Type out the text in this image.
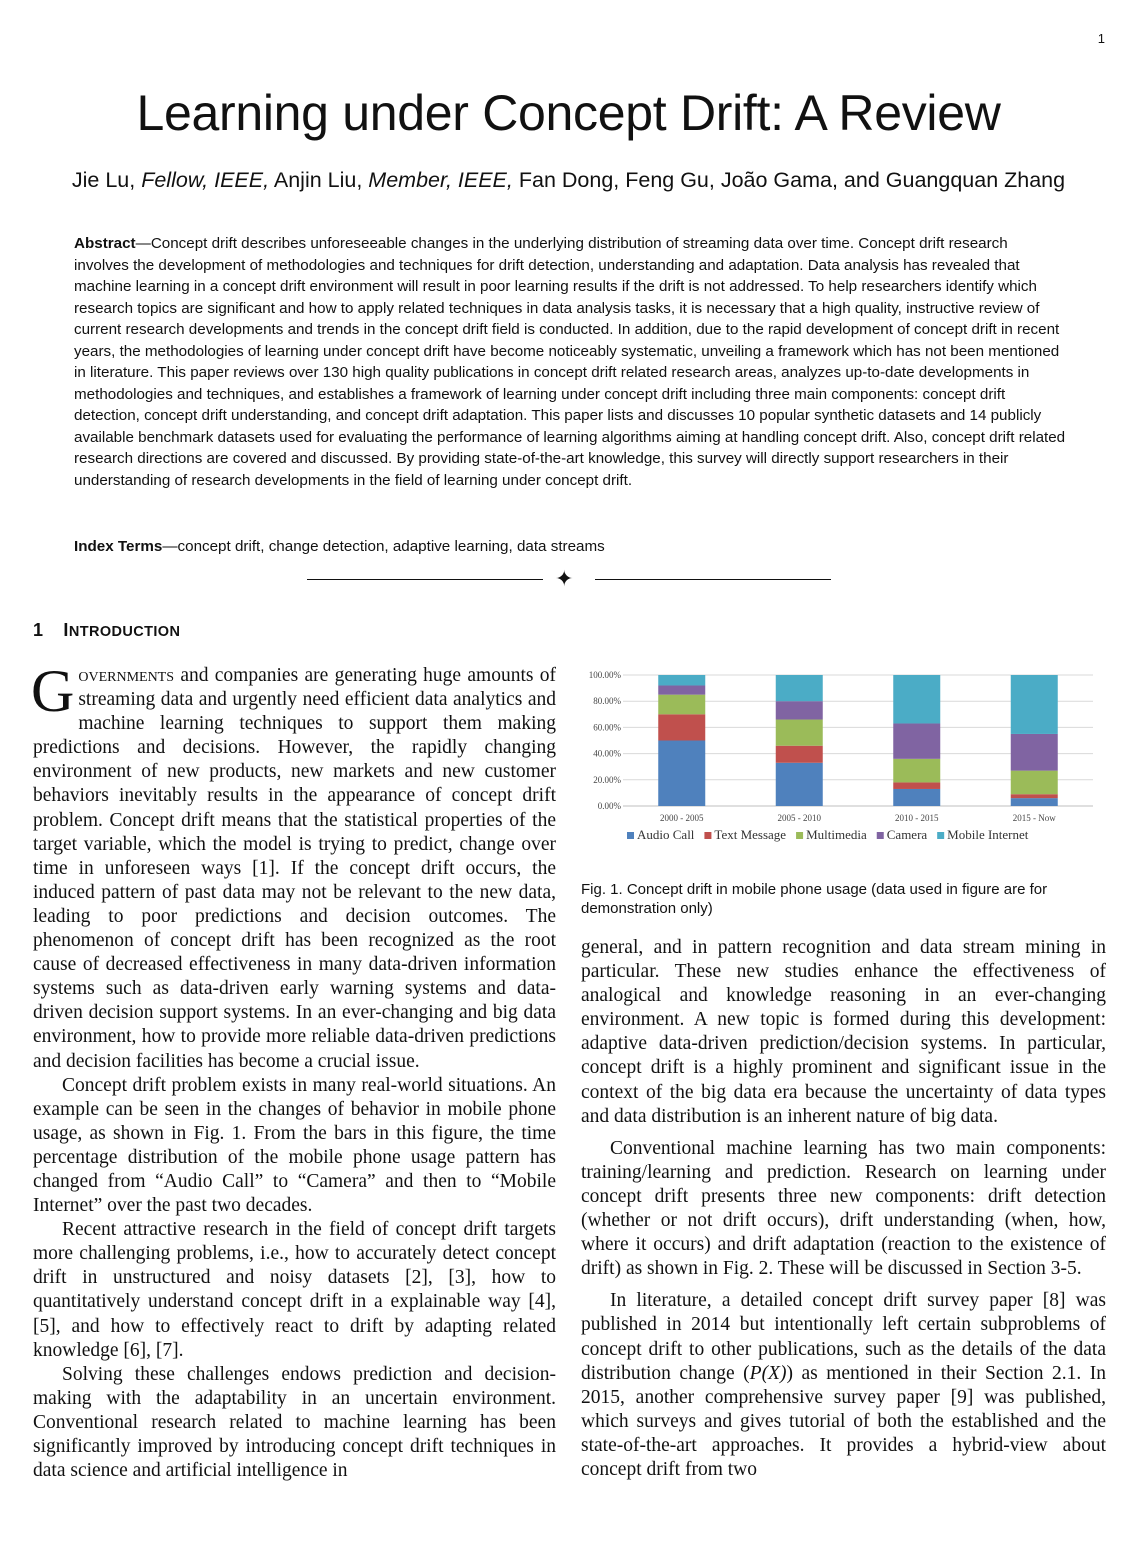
1
Learning under Concept Drift: A Review
Jie Lu, Fellow, IEEE, Anjin Liu, Member, IEEE, Fan Dong, Feng Gu, João Gama, and Guangquan Zhang

Abstract—Concept drift describes unforeseeable changes in the underlying distribution of streaming data over time. Concept drift research involves the development of methodologies and techniques for drift detection, understanding and adaptation. Data analysis has revealed that machine learning in a concept drift environment will result in poor learning results if the drift is not addressed. To help researchers identify which research topics are significant and how to apply related techniques in data analysis tasks, it is necessary that a high quality, instructive review of current research developments and trends in the concept drift field is conducted. In addition, due to the rapid development of concept drift in recent years, the methodologies of learning under concept drift have become noticeably systematic, unveiling a framework which has not been mentioned in literature. This paper reviews over 130 high quality publications in concept drift related research areas, analyzes up-to-date developments in methodologies and techniques, and establishes a framework of learning under concept drift including three main components: concept drift detection, concept drift understanding, and concept drift adaptation. This paper lists and discusses 10 popular synthetic datasets and 14 publicly available benchmark datasets used for evaluating the performance of learning algorithms aiming at handling concept drift. Also, concept drift related research directions are covered and discussed. By providing state-of-the-art knowledge, this survey will directly support researchers in their understanding of research developments in the field of learning under concept drift.

Index Terms—concept drift, change detection, adaptive learning, data streams

✦
1 INTRODUCTION

Governments and companies are generating huge amounts of streaming data and urgently need efficient data analytics and machine learning techniques to support them making predictions and decisions. However, the rapidly changing environment of new products, new markets and new customer behaviors inevitably results in the appearance of concept drift problem. Concept drift means that the statistical properties of the target variable, which the model is trying to predict, change over time in unforeseen ways [1]. If the concept drift occurs, the induced pattern of past data may not be relevant to the new data, leading to poor predictions and decision outcomes. The phenomenon of concept drift has been recognized as the root cause of decreased effectiveness in many data-driven information systems such as data-driven early warning systems and data-driven decision support systems. In an ever-changing and big data environment, how to provide more reliable data-driven predictions and decision facilities has become a crucial issue.

Concept drift problem exists in many real-world situations. An example can be seen in the changes of behavior in mobile phone usage, as shown in Fig. 1. From the bars in this figure, the time percentage distribution of the mobile phone usage pattern has changed from “Audio Call” to “Camera” and then to “Mobile Internet” over the past two decades.

Recent attractive research in the field of concept drift targets more challenging problems, i.e., how to accurately detect concept drift in unstructured and noisy datasets [2], [3], how to quantitatively understand concept drift in a explainable way [4], [5], and how to effectively react to drift by adapting related knowledge [6], [7].

Solving these challenges endows prediction and decision-making with the adaptability in an uncertain environment. Conventional research related to machine learning has been significantly improved by introducing concept drift techniques in data science and artificial intelligence in

0.00%
20.00%
40.00%
60.00%
80.00%
100.00%
2000 - 2005	2005 - 2010	2010 - 2015	2015 - Now
Audio Call Text Message Multimedia Camera Mobile Internet
Fig. 1. Concept drift in mobile phone usage (data used in figure are for demonstration only)

general, and in pattern recognition and data stream mining in particular. These new studies enhance the effectiveness of analogical and knowledge reasoning in an ever-changing environment. A new topic is formed during this development: adaptive data-driven prediction/decision systems. In particular, concept drift is a highly prominent and significant issue in the context of the big data era because the uncertainty of data types and data distribution is an inherent nature of big data.

Conventional machine learning has two main components: training/learning and prediction. Research on learning under concept drift presents three new components: drift detection (whether or not drift occurs), drift understanding (when, how, where it occurs) and drift adaptation (reaction to the existence of drift) as shown in Fig. 2. These will be discussed in Section 3-5.

In literature, a detailed concept drift survey paper [8] was published in 2014 but intentionally left certain subproblems of concept drift to other publications, such as the details of the data distribution change (P(X)) as mentioned in their Section 2.1. In 2015, another comprehensive survey paper [9] was published, which surveys and gives tutorial of both the established and the state-of-the-art approaches. It provides a hybrid-view about concept drift from two
